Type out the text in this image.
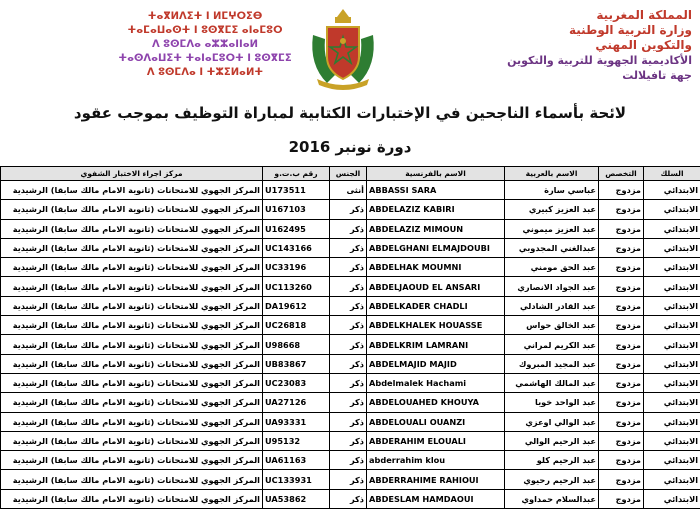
ⵜⴰⴳⵍⴷⵉⵜ ⵏ ⵍⵎⵖⵔⵉⴱ
ⵜⴰⵎⴰⵡⴰⵙⵜ ⵏ ⵓⵙⴳⵎⵉ ⴰⵏⴰⵎⵓⵔ
ⴷ ⵓⵙⵎⴷⴰ ⴰⵣⵣⴰⵏⵏⴰⵍ
ⵜⴰⵙⴷⴰⵡⵉⵜ ⵜⴰⵏⴰⵎⵓⵔⵜ ⵏ ⵓⵙⴳⵎⵉ
ⴷ ⵓⵙⵎⴷⴰ ⵏ ⵜⵣⵉⵍⴰⵍⵜ
المملكة المغربية
وزارة التربية الوطنية
والتكوين المهني
الأكاديمية الجهوية للتربية والتكوين
جهة تافيلالت
لائحة بأسماء الناجحين في الإختبارات الكتابية لمباراة التوظيف بموجب عقود
دورة نونبر 2016
مركز اجراء الاختبار الشفوي	رقم ب.ت.و	الجنس	الاسم بالفرنسية	الاسم بالعربية	التخصص	السلك
المركز الجهوي للامتحانات (ثانوية الامام مالك سابقا) الرشيدية	U173511	أنثى	ABBASSI SARA	عباسي سارة	مزدوج	الابتدائي
المركز الجهوي للامتحانات (ثانوية الامام مالك سابقا) الرشيدية	U167103	ذكر	ABDELAZIZ KABIRI	عبد العزيز كبيري	مزدوج	الابتدائي
المركز الجهوي للامتحانات (ثانوية الامام مالك سابقا) الرشيدية	U162495	ذكر	ABDELAZIZ MIMOUN	عبد العزيز ميموني	مزدوج	الابتدائي
المركز الجهوي للامتحانات (ثانوية الامام مالك سابقا) الرشيدية	UC143166	ذكر	ABDELGHANI ELMAJDOUBI	عبدالغني المجدوبي	مزدوج	الابتدائي
المركز الجهوي للامتحانات (ثانوية الامام مالك سابقا) الرشيدية	UC33196	ذكر	ABDELHAK MOUMNI	عبد الحق مومني	مزدوج	الابتدائي
المركز الجهوي للامتحانات (ثانوية الامام مالك سابقا) الرشيدية	UC113260	ذكر	ABDELJAOUD EL ANSARI	عبد الجواد الانصاري	مزدوج	الابتدائي
المركز الجهوي للامتحانات (ثانوية الامام مالك سابقا) الرشيدية	DA19612	ذكر	ABDELKADER CHADLI	عبد القادر الشادلي	مزدوج	الابتدائي
المركز الجهوي للامتحانات (ثانوية الامام مالك سابقا) الرشيدية	UC26818	ذكر	ABDELKHALEK HOUASSE	عبد الخالق حواس	مزدوج	الابتدائي
المركز الجهوي للامتحانات (ثانوية الامام مالك سابقا) الرشيدية	U98668	ذكر	ABDELKRIM LAMRANI	عبد الكريم لمراني	مزدوج	الابتدائي
المركز الجهوي للامتحانات (ثانوية الامام مالك سابقا) الرشيدية	UB83867	ذكر	ABDELMAJID MAJID	عبد المجيد المبروك	مزدوج	الابتدائي
المركز الجهوي للامتحانات (ثانوية الامام مالك سابقا) الرشيدية	UC23083	ذكر	Abdelmalek Hachami	عبد المالك الهاشمي	مزدوج	الابتدائي
المركز الجهوي للامتحانات (ثانوية الامام مالك سابقا) الرشيدية	UA27126	ذكر	ABDELOUAHED KHOUYA	عبد الواحد خويا	مزدوج	الابتدائي
المركز الجهوي للامتحانات (ثانوية الامام مالك سابقا) الرشيدية	UA93331	ذكر	ABDELOUALI OUANZI	عبد الوالي اوعزي	مزدوج	الابتدائي
المركز الجهوي للامتحانات (ثانوية الامام مالك سابقا) الرشيدية	U95132	ذكر	ABDERAHIM ELOUALI	عبد الرحيم الوالي	مزدوج	الابتدائي
المركز الجهوي للامتحانات (ثانوية الامام مالك سابقا) الرشيدية	UA61163	ذكر	abderrahim klou	عبد الرحيم كلو	مزدوج	الابتدائي
المركز الجهوي للامتحانات (ثانوية الامام مالك سابقا) الرشيدية	UC133931	ذكر	ABDERRAHIME RAHIOUI	عبد الرحيم رحيوي	مزدوج	الابتدائي
المركز الجهوي للامتحانات (ثانوية الامام مالك سابقا) الرشيدية	UA53862	ذكر	ABDESLAM HAMDAOUI	عبدالسلام حمداوي	مزدوج	الابتدائي
